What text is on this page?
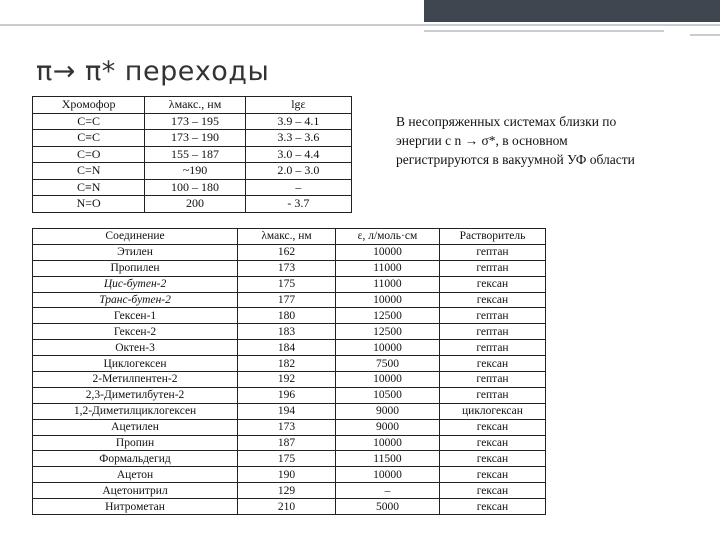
π→ π* переходы
Хромофор	λмакс., нм	lgε
C=C	173 – 195	3.9 – 4.1
C≡C	173 – 190	3.3 – 3.6
C=O	155 – 187	3.0 – 4.4
C=N	~190	2.0 – 3.0
C≡N	100 – 180	–
N=O	200	- 3.7
В несопряженных системах близки по энергии с n → σ*, в основном регистрируются в вакуумной УФ области
Соединение	λмакс., нм	ε, л/моль·см	Растворитель
Этилен	162	10000	гептан
Пропилен	173	11000	гептан
Цис-бутен-2	175	11000	гексан
Транс-бутен-2	177	10000	гексан
Гексен-1	180	12500	гептан
Гексен-2	183	12500	гептан
Октен-3	184	10000	гептан
Циклогексен	182	7500	гексан
2-Метилпентен-2	192	10000	гептан
2,3-Диметилбутен-2	196	10500	гептан
1,2-Диметилциклогексен	194	9000	циклогексан
Ацетилен	173	9000	гексан
Пропин	187	10000	гексан
Формальдегид	175	11500	гексан
Ацетон	190	10000	гексан
Ацетонитрил	129	–	гексан
Нитрометан	210	5000	гексан
